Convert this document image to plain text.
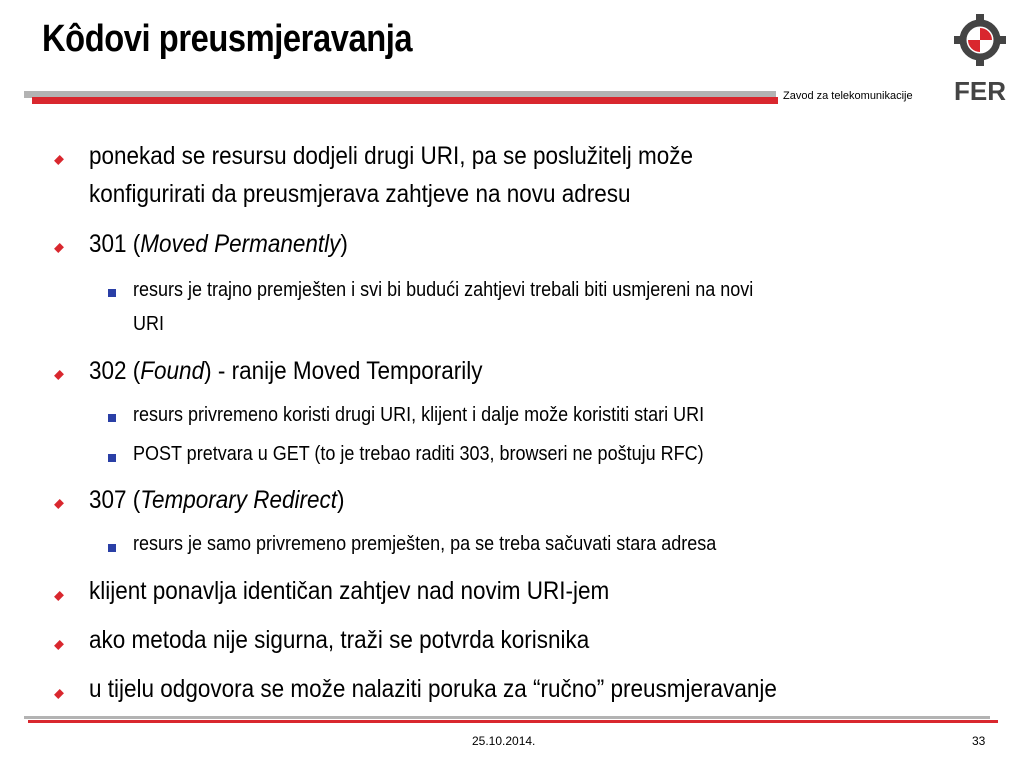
Kôdovi preusmjeravanja
FER
Zavod za telekomunikacije
ponekad se resursu dodjeli drugi URI, pa se poslužitelj može
konfigurirati da preusmjerava zahtjeve na novu adresu
301 (Moved Permanently)
resurs je trajno premješten i svi bi budući zahtjevi trebali biti usmjereni na novi
URI
302 (Found) - ranije Moved Temporarily
resurs privremeno koristi drugi URI, klijent i dalje može koristiti stari URI
POST pretvara u GET (to je trebao raditi 303, browseri ne poštuju RFC)
307 (Temporary Redirect)
resurs je samo privremeno premješten, pa se treba sačuvati stara adresa
klijent ponavlja identičan zahtjev nad novim URI-jem
ako metoda nije sigurna, traži se potvrda korisnika
u tijelu odgovora se može nalaziti poruka za “ručno” preusmjeravanje
25.10.2014.	33
